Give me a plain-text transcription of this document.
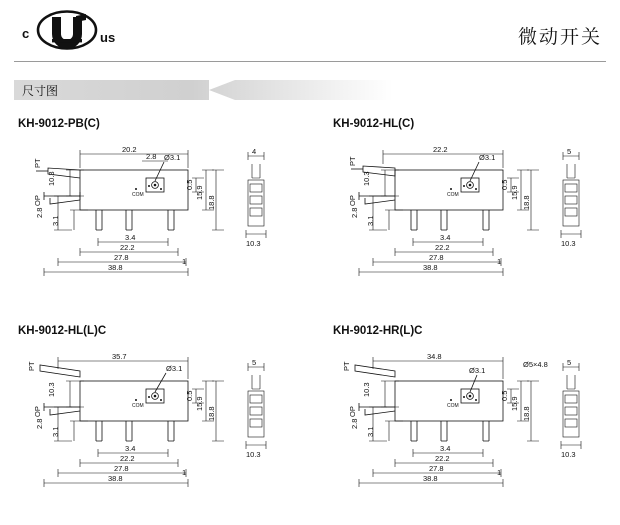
c	us	微动开关
尺寸图
KH-9012-PB(C)
PT
OP
COM
Ø3.1
20.2
2.8
10.3
2.8
3.1
0.5
15.9
18.8
3.4
22.2
27.8
38.8
1
4
10.3
KH-9012-HL(C)
PT
OP
COM
Ø3.1
22.2
10.3
2.8
3.1
0.5
15.9
18.8
3.4
22.2
27.8
38.8
1
5
10.3
KH-9012-HL(L)C
PT
OP
COM
Ø3.1
35.7
10.3
2.8
3.1
0.5
15.9
18.8
3.4
22.2
27.8
38.8
1
5
10.3
KH-9012-HR(L)C
PT
OP
COM
Ø3.1
Ø5×4.8
34.8
10.3
2.8
3.1
0.5
15.9
18.8
3.4
22.2
27.8
38.8
1
5
10.3
